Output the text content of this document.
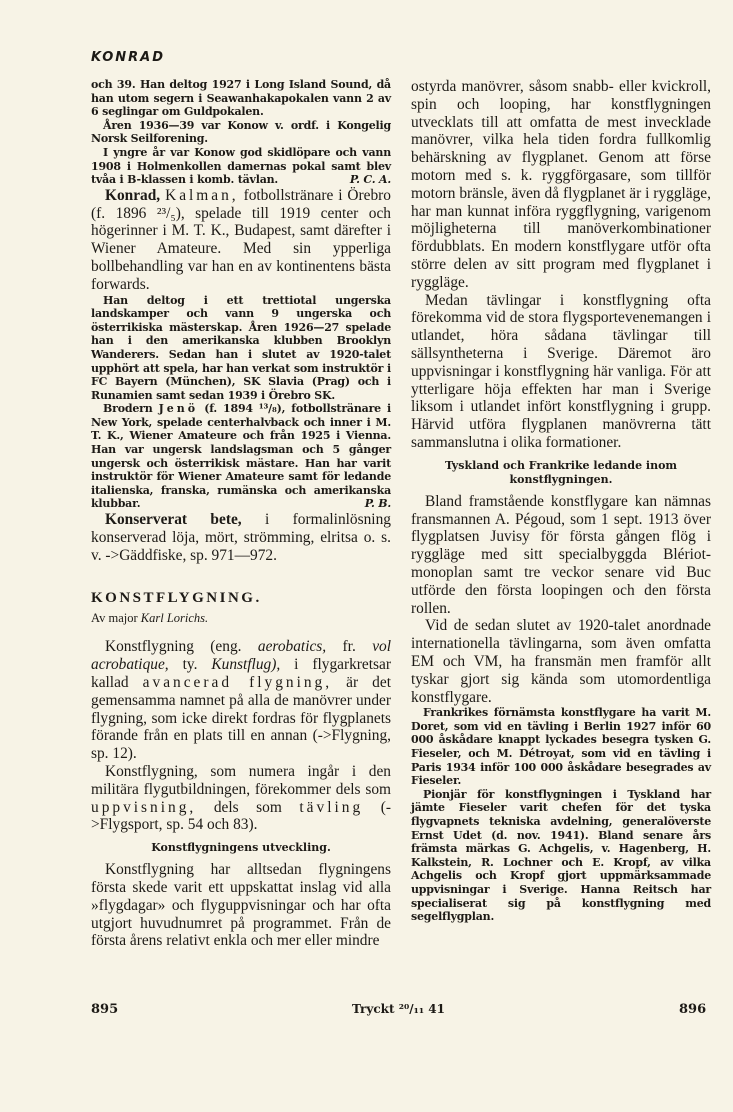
KONRAD

och 39. Han deltog 1927 i Long Island Sound, då han utom segern i Seawanhakapokalen vann 2 av 6 seglingar om Guldpokalen.

Åren 1936—39 var Konow v. ordf. i Kongelig Norsk Seilforening.

I yngre år var Konow god skidlöpare och vann 1908 i Holmenkollen damernas pokal samt blev tvåa i B-klassen i komb. tävlan.	P. C. A.

Konrad, Kalman, fotbollstränare i Örebro (f. 1896 ²³/₅), spelade till 1919 center och högerinner i M. T. K., Budapest, samt därefter i Wiener Amateure. Med sin ypperliga bollbehandling var han en av kontinentens bästa forwards.

Han deltog i ett trettiotal ungerska landskamper och vann 9 ungerska och österrikiska mästerskap. Åren 1926—27 spelade han i den amerikanska klubben Brooklyn Wanderers. Sedan han i slutet av 1920-talet upphört att spela, har han verkat som instruktör i FC Bayern (München), SK Slavia (Prag) och i Runamien samt sedan 1939 i Örebro SK.

Brodern Jenö (f. 1894 ¹³/₈), fotbollstränare i New York, spelade centerhalvback och inner i M. T. K., Wiener Amateure och från 1925 i Vienna. Han var ungersk landslagsman och 5 gånger ungersk och österrikisk mästare. Han har varit instruktör för Wiener Amateure samt för ledande italienska, franska, rumänska och amerikanska klubbar.	P. B.

Konserverat bete, i formalinlösning konserverad löja, mört, strömming, elritsa o. s. v. ->Gäddfiske, sp. 971—972.

KONSTFLYGNING.
Av major Karl Lorichs.

Konstflygning (eng. aerobatics, fr. vol acrobatique, ty. Kunstflug), i flygarkretsar kallad avancerad flygning, är det gemensamma namnet på alla de manövrer under flygning, som icke direkt fordras för flygplanets förande från en plats till en annan (->Flygning, sp. 12).

Konstflygning, som numera ingår i den militära flygutbildningen, förekommer dels som uppvisning, dels som tävling (->Flygsport, sp. 54 och 83).

Konstflygningens utveckling.

Konstflygning har alltsedan flygningens första skede varit ett uppskattat inslag vid alla »flygdagar» och flyguppvisningar och har ofta utgjort huvudnumret på programmet. Från de första årens relativt enkla och mer eller mindre

ostyrda manövrer, såsom snabb- eller kvickroll, spin och looping, har konstflygningen utvecklats till att omfatta de mest invecklade manövrer, vilka hela tiden fordra fullkomlig behärskning av flygplanet. Genom att förse motorn med s. k. ryggförgasare, som tillför motorn bränsle, även då flygplanet är i ryggläge, har man kunnat införa ryggflygning, varigenom möjligheterna till manöverkombinationer fördubblats. En modern konstflygare utför ofta större delen av sitt program med flygplanet i ryggläge.

Medan tävlingar i konstflygning ofta förekomma vid de stora flygsportevenemangen i utlandet, höra sådana tävlingar till sällsyntheterna i Sverige. Däremot äro uppvisningar i konstflygning här vanliga. För att ytterligare höja effekten har man i Sverige liksom i utlandet infört konstflygning i grupp. Härvid utföra flygplanen manövrerna tätt sammanslutna i olika formationer.

Tyskland och Frankrike ledande inom konstflygningen.

Bland framstående konstflygare kan nämnas fransmannen A. Pégoud, som 1 sept. 1913 över flygplatsen Juvisy för första gången flög i ryggläge med sitt specialbyggda Blériot-monoplan samt tre veckor senare vid Buc utförde den första loopingen och den första rollen.

Vid de sedan slutet av 1920-talet anordnade internationella tävlingarna, som även omfatta EM och VM, ha fransmän men framför allt tyskar gjort sig kända som utomordentliga konstflygare.

Frankrikes förnämsta konstflygare ha varit M. Doret, som vid en tävling i Berlin 1927 inför 60 000 åskådare knappt lyckades besegra tysken G. Fieseler, och M. Détroyat, som vid en tävling i Paris 1934 inför 100 000 åskådare besegrades av Fieseler.

Pionjär för konstflygningen i Tyskland har jämte Fieseler varit chefen för det tyska flygvapnets tekniska avdelning, generalöverste Ernst Udet (d. nov. 1941). Bland senare års främsta märkas G. Achgelis, v. Hagenberg, H. Kalkstein, R. Lochner och E. Kropf, av vilka Achgelis och Kropf gjort uppmärksammade uppvisningar i Sverige. Hanna Reitsch har specialiserat sig på konstflygning med segelflygplan.

895	Tryckt ²⁰/₁₁ 41	896
